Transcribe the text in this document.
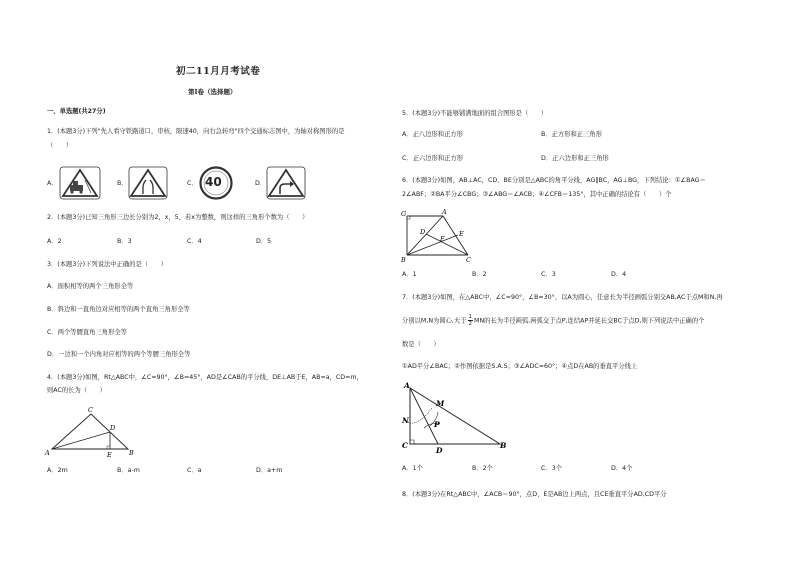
初二11月月考试卷
第Ⅰ卷（选择题）
一、单选题(共27分)
1．(本题3分)下列"先人看守铁路道口，审核，限速40，向右急转弯"四个交通标志图中，为轴对称图形的是
（　　）
A．	B．	C． 40	D．
2．(本题3分)已知三角形三边长分别为2，x，5，若x为整数，则这样的三角形个数为（　　）
A．2	B．3	C．4	D．5
3．(本题3分)下列说法中正确的是（　　）
A．面积相等的两个三角形全等
B．斜边和一直角边对应相等的两个直角三角形全等
C．两个等腰直角三角形全等
D．一边和一个内角对应相等的两个等腰三角形全等
4．(本题3分)如图，Rt△ABC中，∠C=90°，∠B=45°，AD是∠CAB的平分线，DE⊥AB于E，AB=a，CD=m，
则AC的长为（　　）
C
D
A	E	B
A．2m	B．a-m	C．a	D．a+m
5．(本题3分)不能够铺满地面的组合图形是（　　）
A．正八边形和正方形	B．正方形和正三角形
C．正六边形和正方形	D．正六边形和正三角形
6．(本题3分)如图，AB⊥AC，CD、BE分别是△ABC的角平分线，AG∥BC，AG⊥BG，下列结论：①∠BAG＝
2∠ABF；②BA平分∠CBG；③∠ABG＝∠ACB；④∠CFB＝135°，其中正确的结论有（　　）个
G	A
D
F
E
B	C
A．1	B．2	C．3	D．4
7．(本题3分)如图，在△ABC中，∠C=90°，∠B=30°，以A为圆心，任意长为半径画弧分别交AB,AC于点M和N,再
分别以M,N为圆心,大于 $\frac{1}{2}$ MN的长为半径画弧,两弧交于点P,连结AP并延长交BC于点D,则下列说法中正确的个
数是（　　）
①AD平分∠BAC；②作图依据是S.A.S；③∠ADC=60°；④点D在AB的垂直平分线上
A
M
N	P
C
D
B
A．1个	B．2个	C．3个	D．4个
8．(本题3分)在Rt△ABC中，∠ACB＝90°，点D、E是AB边上两点，且CE垂直平分AD,CD平分
